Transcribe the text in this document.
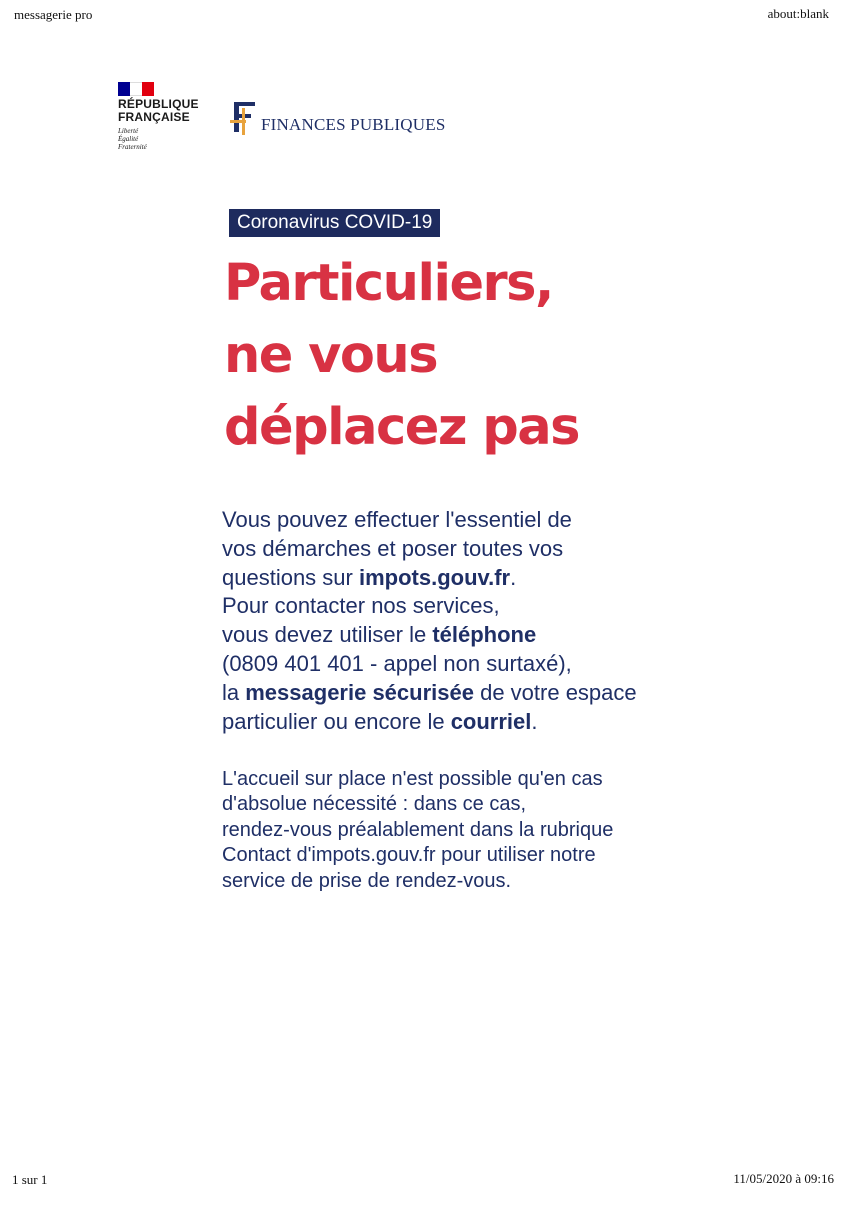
messagerie pro	about:blank
RÉPUBLIQUE
FRANÇAISE
Liberté
Égalité
Fraternité
FINANCES PUBLIQUES
Coronavirus COVID-19
Particuliers,
ne vous
déplacez pas

Vous pouvez effectuer l'essentiel de
vos démarches et poser toutes vos
questions sur impots.gouv.fr.
Pour contacter nos services,
vous devez utiliser le téléphone
(0809 401 401 - appel non surtaxé),
la messagerie sécurisée de votre espace
particulier ou encore le courriel.

L'accueil sur place n'est possible qu'en cas
d'absolue nécessité : dans ce cas,
rendez-vous préalablement dans la rubrique
Contact d'impots.gouv.fr pour utiliser notre
service de prise de rendez-vous.

1 sur 1	11/05/2020 à 09:16
